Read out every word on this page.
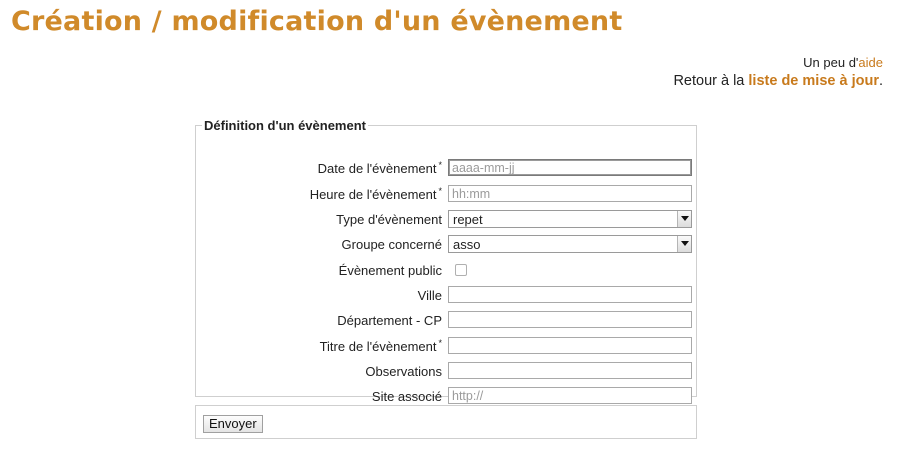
Création / modification d'un évènement
Un peu d'aide
Retour à la liste de mise à jour.
Définition d'un évènement
Date de l'évènement *
aaaa-mm-jj
Heure de l'évènement *
hh:mm
Type d'évènement repet
Groupe concerné asso
Évènement public
Ville
Département - CP
Titre de l'évènement *
Observations
Site associé
http://
Envoyer
